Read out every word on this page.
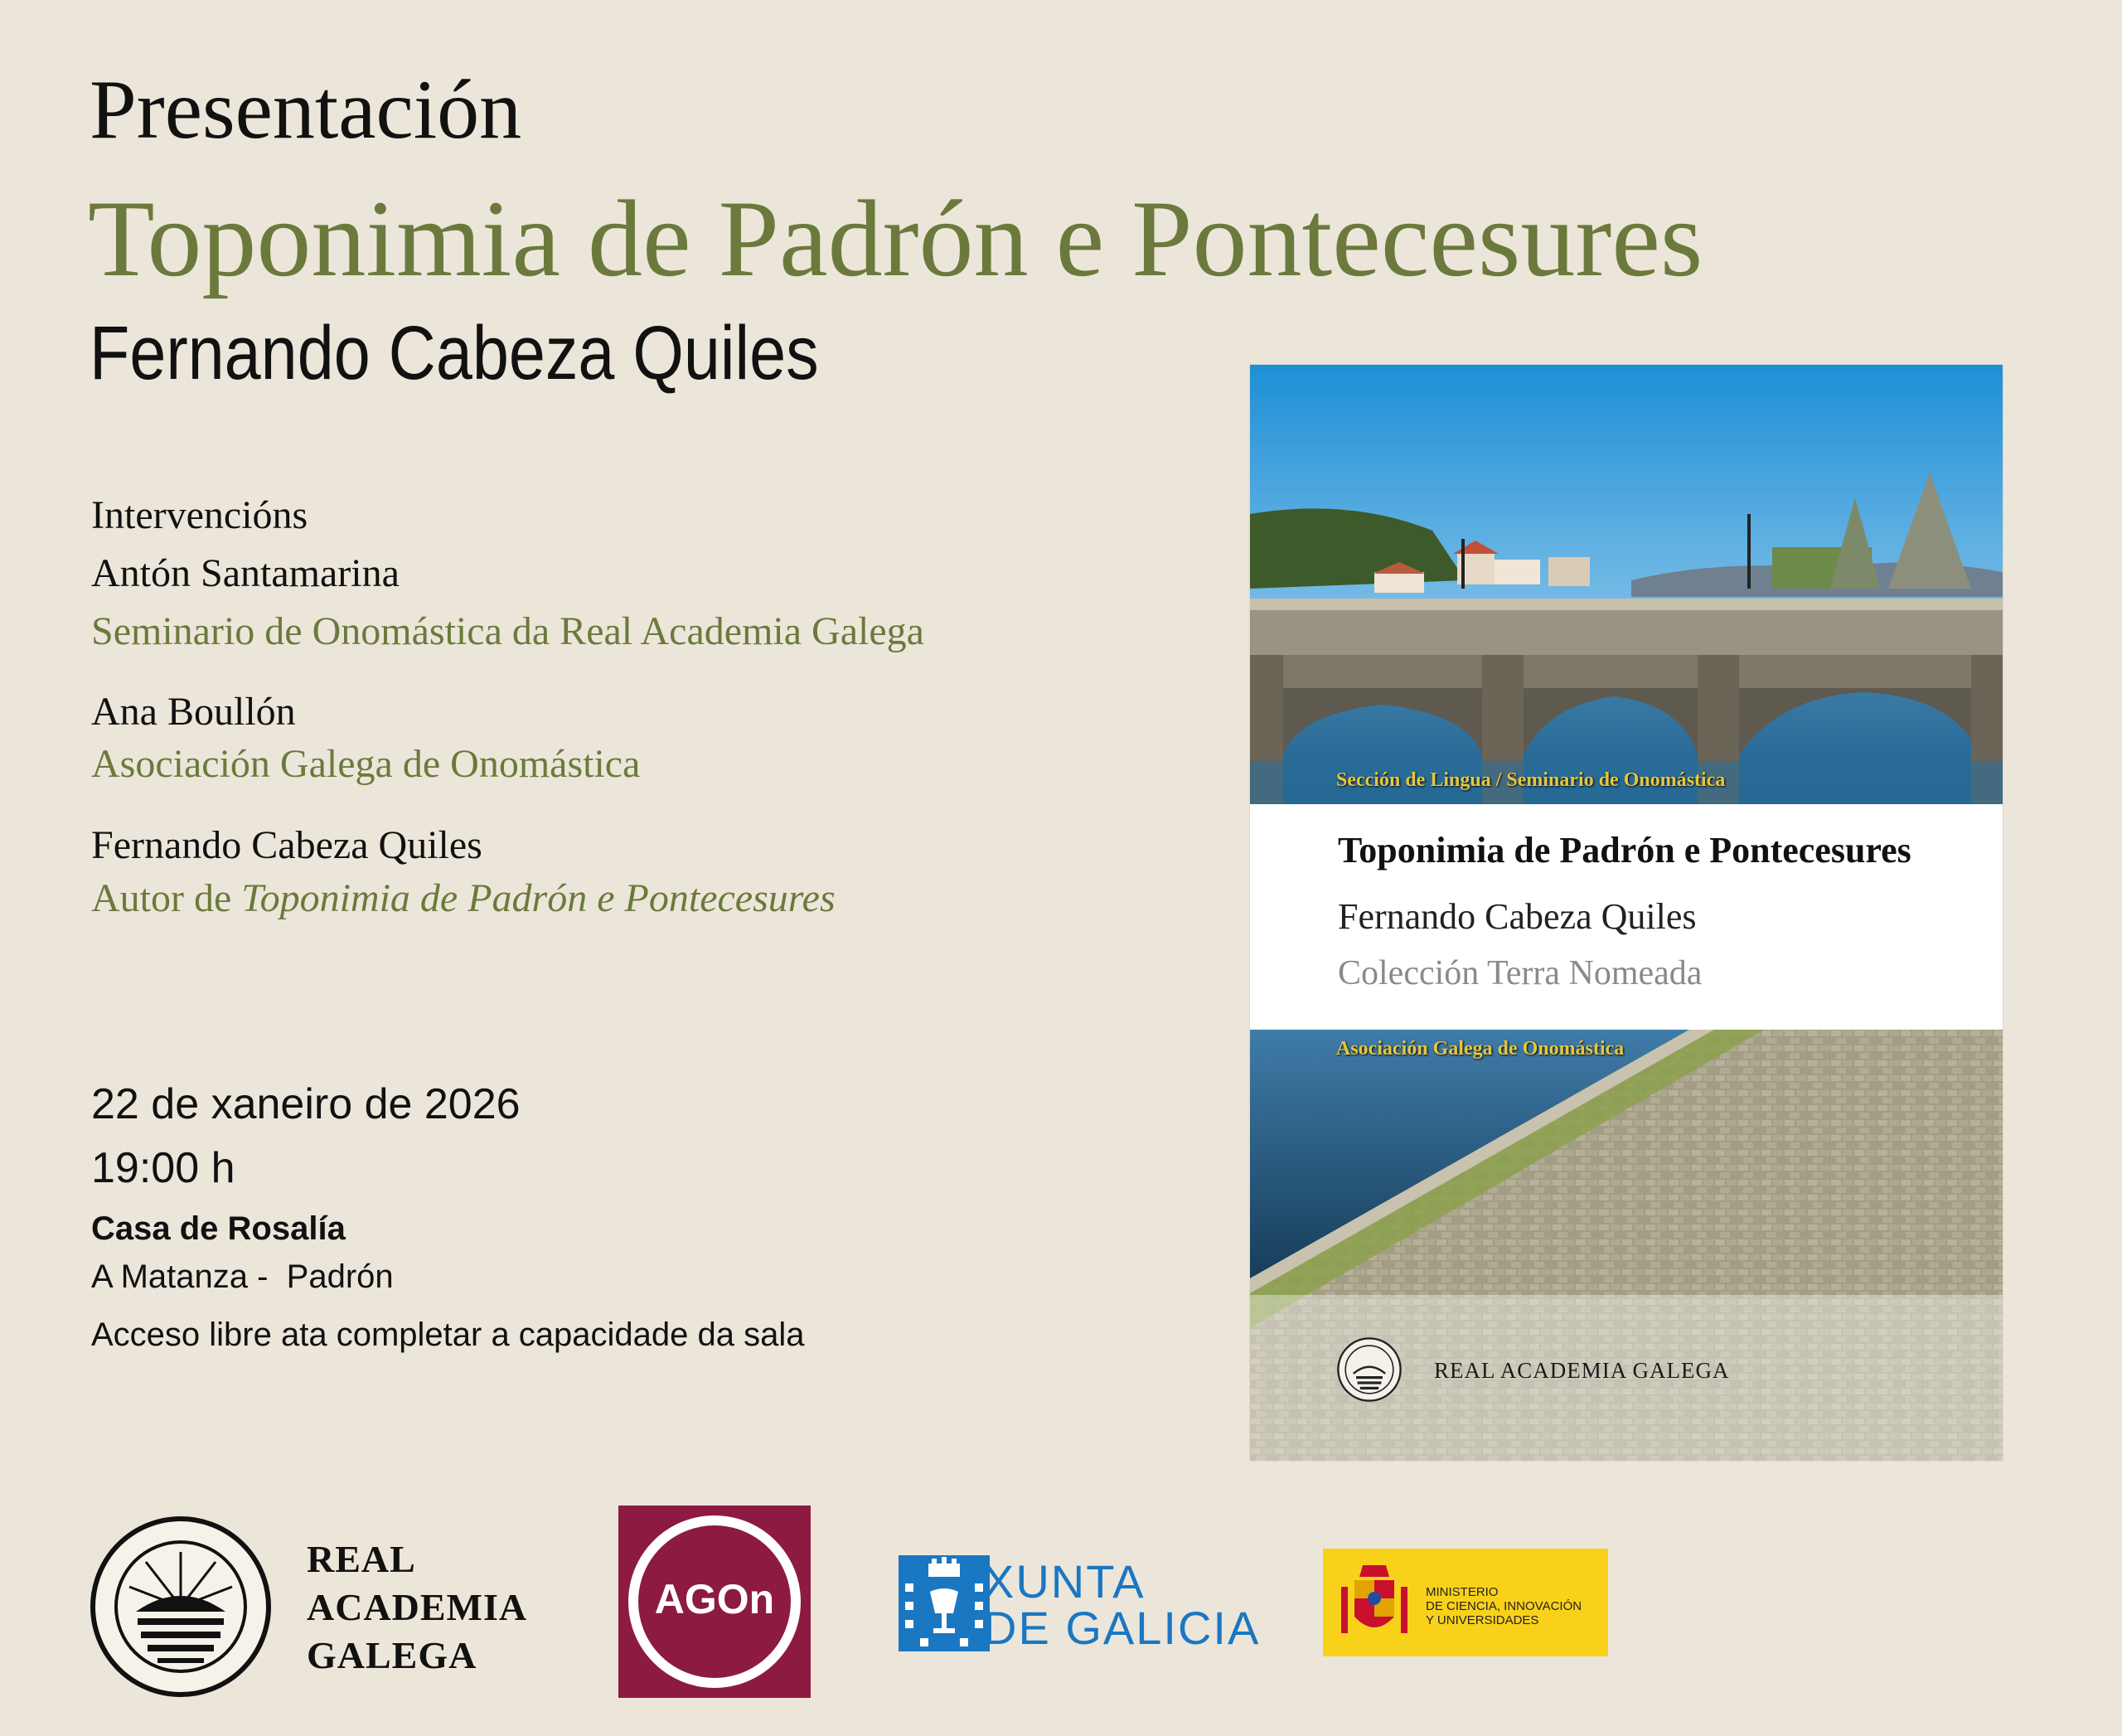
Presentación
Toponimia de Padrón e Pontecesures
Fernando Cabeza Quiles
Intervencións
Antón Santamarina
Seminario de Onomástica da Real Academia Galega
Ana Boullón
Asociación Galega de Onomástica
Fernando Cabeza Quiles
Autor de Toponimia de Padrón e Pontecesures
22 de xaneiro de 2026
19:00 h
Casa de Rosalía
A Matanza -  Padrón
Acceso libre ata completar a capacidade da sala
Sección de Lingua / Seminario de Onomástica
Toponimia de Padrón e Pontecesures
Fernando Cabeza Quiles
Colección Terra Nomeada
Asociación Galega de Onomástica
REAL ACADEMIA GALEGA
REAL
ACADEMIA
GALEGA
AGOn	XUNTA
DE GALICIA
MINISTERIO
DE CIENCIA, INNOVACIÓN
Y UNIVERSIDADES
